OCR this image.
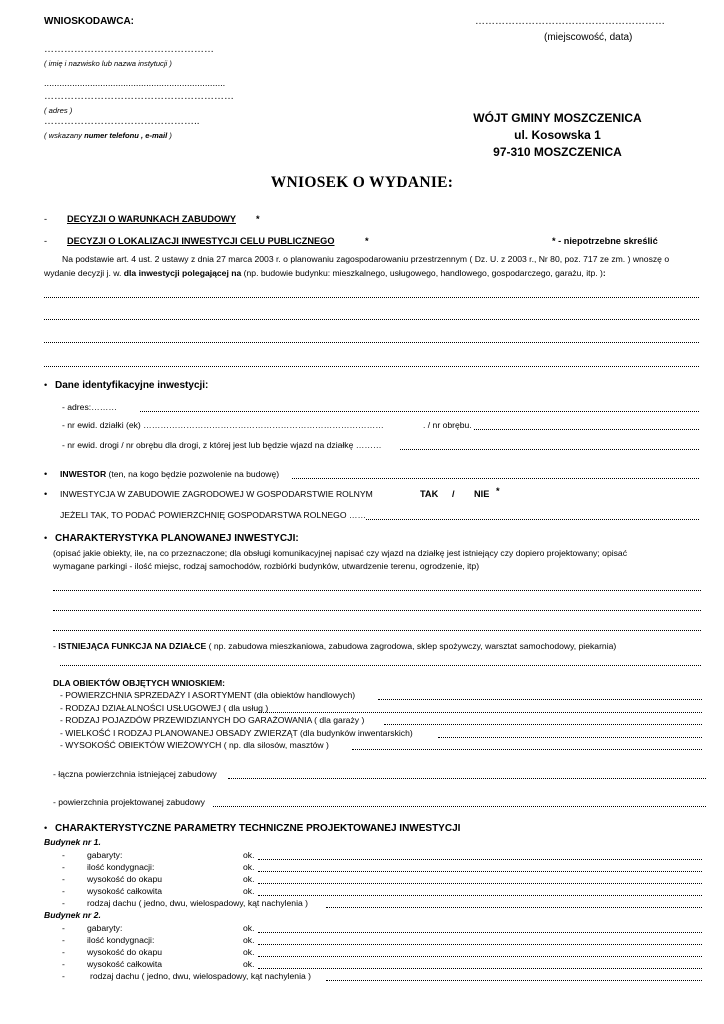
WNIOSKODAWCA:	…………………………………………………
(miejscowość, data)
……………………………………………
( imię i nazwisko lub nazwa instytucji )
.......................................................................
…………………………………………………
( adres )
………………………………………..
( wskazany numer telefonu , e-mail )
WÓJT GMINY MOSZCZENICA
ul. Kosowska 1
97-310 MOSZCZENICA
WNIOSEK O WYDANIE:
- DECYZJI O WARUNKACH ZABUDOWY *
- DECYZJI O LOKALIZACJI INWESTYCJI CELU PUBLICZNEGO	*	* - niepotrzebne skreślić
Na podstawie art. 4 ust. 2 ustawy z dnia 27 marca 2003 r. o planowaniu zagospodarowaniu przestrzennym ( Dz. U. z 2003 r., Nr 80, poz. 717 ze zm. ) wnoszę o
wydanie decyzji j. w. dla inwestycji polegającej na (np. budowie budynku: mieszkalnego, usługowego, handlowego, gospodarczego, garażu, itp. ):
• Dane identyfikacyjne inwestycji:
- adres:………
- nr ewid. działki (ek) …………………………………………………………………………	. / nr obrębu.
- nr ewid. drogi / nr obrębu dla drogi, z której jest lub będzie wjazd na działkę ………
• INWESTOR (ten, na kogo będzie pozwolenie na budowę)
• INWESTYCJA W ZABUDOWIE ZAGRODOWEJ W GOSPODARSTWIE ROLNYM	TAK / NIE *
JEŻELI TAK, TO PODAĆ POWIERZCHNIĘ GOSPODARSTWA ROLNEGO ……
• CHARAKTERYSTYKA PLANOWANEJ INWESTYCJI:
(opisać jakie obiekty, ile, na co przeznaczone; dla obsługi komunikacyjnej napisać czy wjazd na działkę jest istniejący czy dopiero projektowany; opisać
wymagane parkingi - ilość miejsc, rodzaj samochodów, rozbiórki budynków, utwardzenie terenu, ogrodzenie, itp)
- ISTNIEJĄCA FUNKCJA NA DZIAŁCE ( np. zabudowa mieszkaniowa, zabudowa zagrodowa, sklep spożywczy, warsztat samochodowy, piekarnia)
DLA OBIEKTÓW OBJĘTYCH WNIOSKIEM:
- POWIERZCHNIA SPRZEDAŻY I ASORTYMENT (dla obiektów handlowych)
- RODZAJ DZIAŁALNOŚCI USŁUGOWEJ ( dla usług )
- RODZAJ POJAZDÓW PRZEWIDZIANYCH DO GARAŻOWANIA ( dla garaży )
- WIELKOŚĆ I RODZAJ PLANOWANEJ OBSADY ZWIERZĄT (dla budynków inwentarskich)
- WYSOKOŚĆ OBIEKTÓW WIEŻOWYCH ( np. dla silosów, masztów )
- łączna powierzchnia istniejącej zabudowy
- powierzchnia projektowanej zabudowy
• CHARAKTERYSTYCZNE PARAMETRY TECHNICZNE PROJEKTOWANEJ INWESTYCJI
Budynek nr 1.
-	gabaryty:	ok.
-	ilość kondygnacji:	ok.
-	wysokość do okapu	ok.
-	wysokość całkowita	ok.
-	rodzaj dachu ( jedno, dwu, wielospadowy, kąt nachylenia )
Budynek nr 2.
-	gabaryty:	ok.
-	ilość kondygnacji:	ok.
-	wysokość do okapu	ok.
-	wysokość całkowita	ok.
-	rodzaj dachu ( jedno, dwu, wielospadowy, kąt nachylenia )
